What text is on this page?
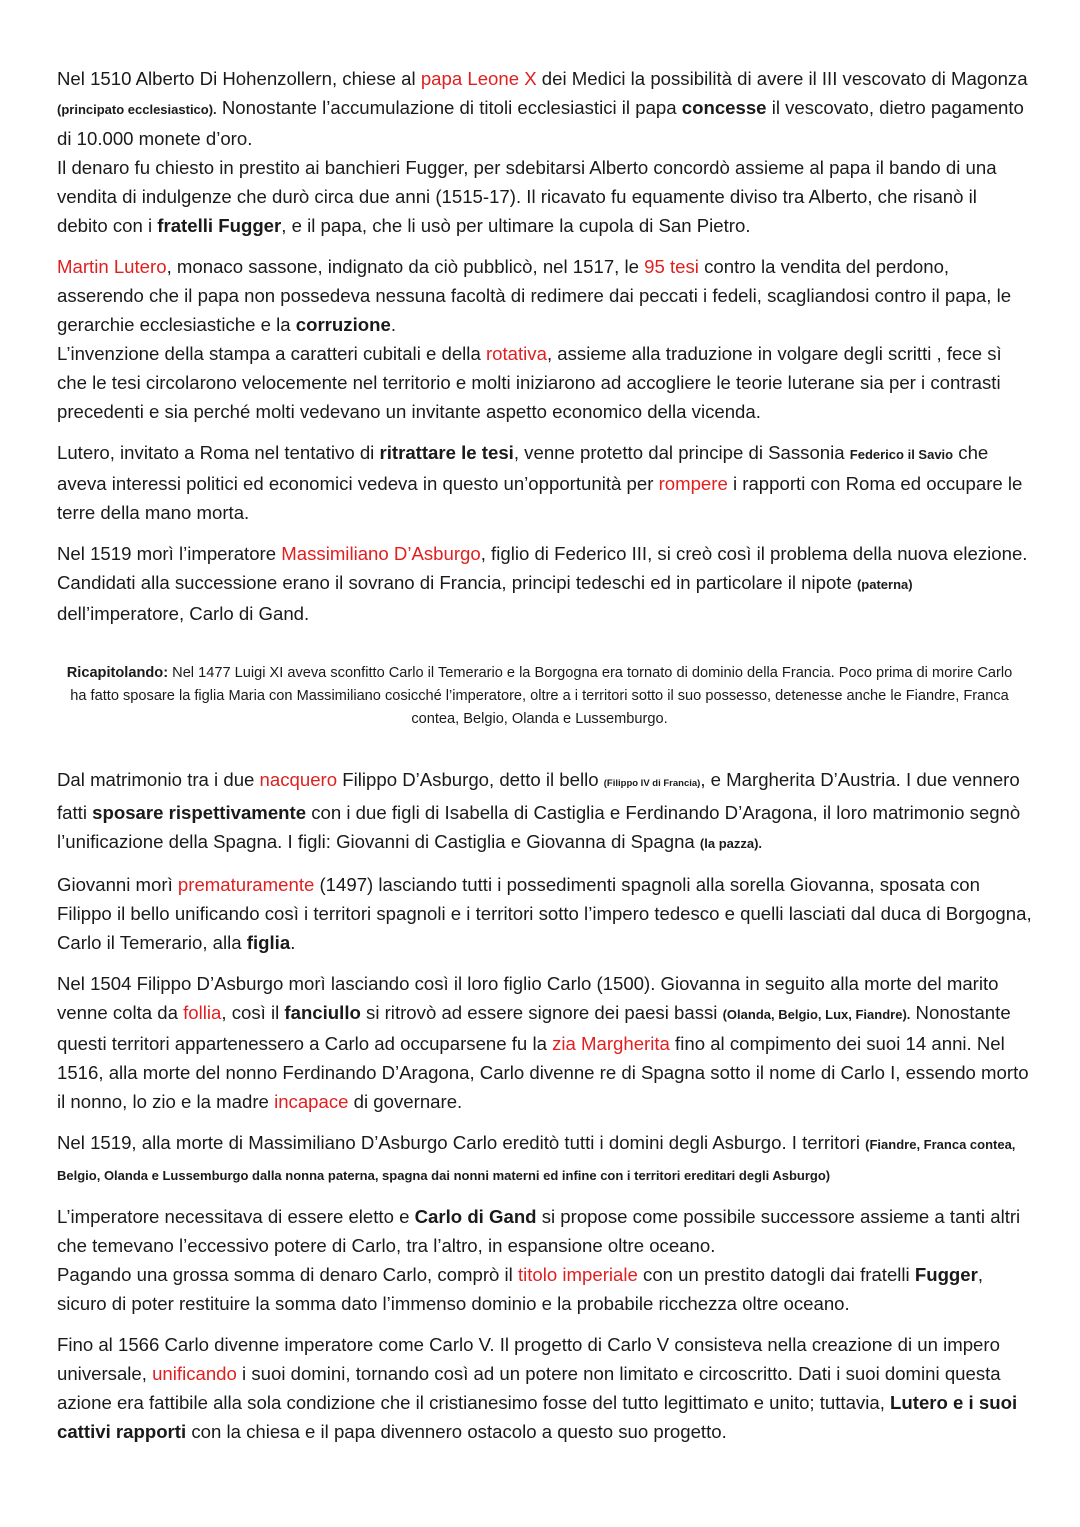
Nel 1510 Alberto Di Hohenzollern, chiese al papa Leone X dei Medici la possibilità di avere il III vescovato di Magonza (principato ecclesiastico). Nonostante l’accumulazione di titoli ecclesiastici il papa concesse il vescovato, dietro pagamento di 10.000 monete d’oro.
Il denaro fu chiesto in prestito ai banchieri Fugger, per sdebitarsi Alberto concordò assieme al papa il bando di una vendita di indulgenze che durò circa due anni (1515-17). Il ricavato fu equamente diviso tra Alberto, che risanò il debito con i fratelli Fugger, e il papa, che li usò per ultimare la cupola di San Pietro.

Martin Lutero, monaco sassone, indignato da ciò pubblicò, nel 1517, le 95 tesi contro la vendita del perdono, asserendo che il papa non possedeva nessuna facoltà di redimere dai peccati i fedeli, scagliandosi contro il papa, le gerarchie ecclesiastiche e la corruzione.
L’invenzione della stampa a caratteri cubitali e della rotativa, assieme alla traduzione in volgare degli scritti , fece sì che le tesi circolarono velocemente nel territorio e molti iniziarono ad accogliere le teorie luterane sia per i contrasti precedenti e sia perché molti vedevano un invitante aspetto economico della vicenda.

Lutero, invitato a Roma nel tentativo di ritrattare le tesi, venne protetto dal principe di Sassonia Federico il Savio che aveva interessi politici ed economici vedeva in questo un’opportunità per rompere i rapporti con Roma ed occupare le terre della mano morta.

Nel 1519 morì l’imperatore Massimiliano D’Asburgo, figlio di Federico III, si creò così il problema della nuova elezione. Candidati alla successione erano il sovrano di Francia, principi tedeschi ed in particolare il nipote (paterna) dell’imperatore, Carlo di Gand.

Ricapitolando: Nel 1477 Luigi XI aveva sconfitto Carlo il Temerario e la Borgogna era tornato di dominio della Francia. Poco prima di morire Carlo ha fatto sposare la figlia Maria con Massimiliano cosicché l’imperatore, oltre a i territori sotto il suo possesso, detenesse anche le Fiandre, Franca contea, Belgio, Olanda e Lussemburgo.

Dal matrimonio tra i due nacquero Filippo D’Asburgo, detto il bello (Filippo IV di Francia), e Margherita D’Austria. I due vennero fatti sposare rispettivamente con i due figli di Isabella di Castiglia e Ferdinando D’Aragona, il loro matrimonio segnò l’unificazione della Spagna. I figli: Giovanni di Castiglia e Giovanna di Spagna (la pazza).

Giovanni morì prematuramente (1497) lasciando tutti i possedimenti spagnoli alla sorella Giovanna, sposata con Filippo il bello unificando così i territori spagnoli e i territori sotto l’impero tedesco e quelli lasciati dal duca di Borgogna, Carlo il Temerario, alla figlia.

Nel 1504 Filippo D’Asburgo morì lasciando così il loro figlio Carlo (1500). Giovanna in seguito alla morte del marito venne colta da follia, così il fanciullo si ritrovò ad essere signore dei paesi bassi (Olanda, Belgio, Lux, Fiandre). Nonostante questi territori appartenessero a Carlo ad occuparsene fu la zia Margherita fino al compimento dei suoi 14 anni. Nel 1516, alla morte del nonno Ferdinando D’Aragona, Carlo divenne re di Spagna sotto il nome di Carlo I, essendo morto il nonno, lo zio e la madre incapace di governare.

Nel 1519, alla morte di Massimiliano D’Asburgo Carlo ereditò tutti i domini degli Asburgo. I territori (Fiandre, Franca contea, Belgio, Olanda e Lussemburgo dalla nonna paterna, spagna dai nonni materni ed infine con i territori ereditari degli Asburgo)

L’imperatore necessitava di essere eletto e Carlo di Gand si propose come possibile successore assieme a tanti altri che temevano l’eccessivo potere di Carlo, tra l’altro, in espansione oltre oceano.
Pagando una grossa somma di denaro Carlo, comprò il titolo imperiale con un prestito datogli dai fratelli Fugger, sicuro di poter restituire la somma dato l’immenso dominio e la probabile ricchezza oltre oceano.

Fino al 1566 Carlo divenne imperatore come Carlo V. Il progetto di Carlo V consisteva nella creazione di un impero universale, unificando i suoi domini, tornando così ad un potere non limitato e circoscritto. Dati i suoi domini questa azione era fattibile alla sola condizione che il cristianesimo fosse del tutto legittimato e unito; tuttavia, Lutero e i suoi cattivi rapporti con la chiesa e il papa divennero ostacolo a questo suo progetto.
